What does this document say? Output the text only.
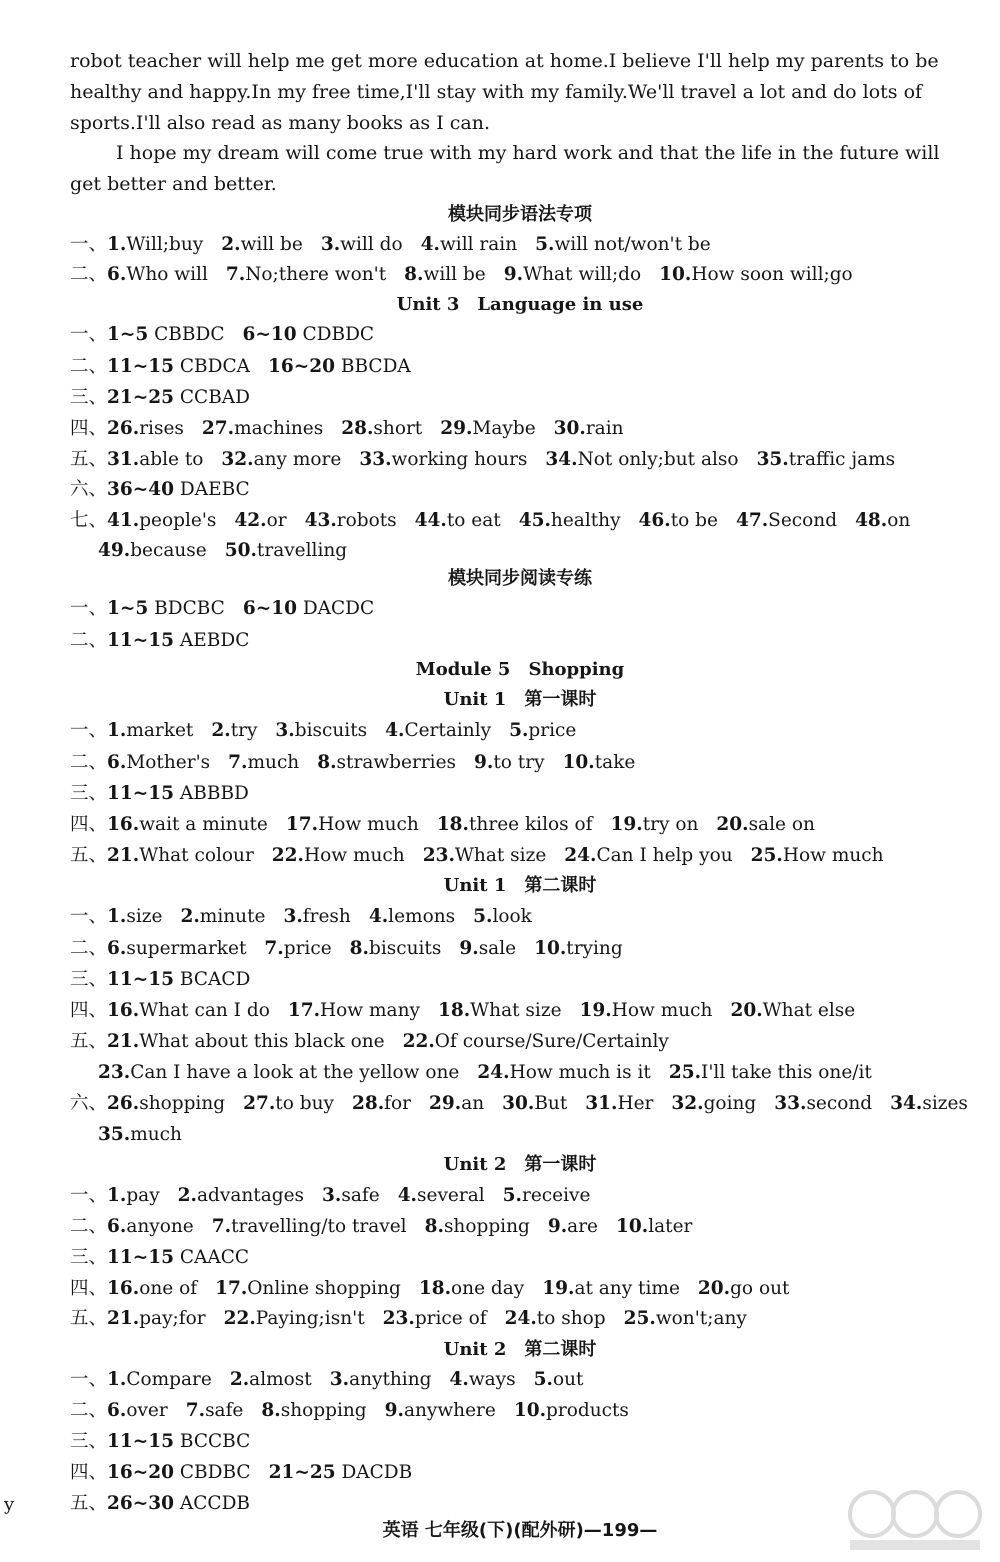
robot teacher will help me get more education at home.I believe I'll help my parents to be healthy and happy.In my free time,I'll stay with my family.We'll travel a lot and do lots of sports.I'll also read as many books as I can.

I hope my dream will come true with my hard work and that the life in the future will get better and better.

模块同步语法专项
一、1.Will;buy 2.will be 3.will do 4.will rain 5.will not/won't be
二、6.Who will 7.No;there won't 8.will be 9.What will;do 10.How soon will;go
Unit 3　Language in use
一、1~5 CBBDC 6~10 CDBDC
二、11~15 CBDCA 16~20 BBCDA
三、21~25 CCBAD
四、26.rises 27.machines 28.short 29.Maybe 30.rain
五、31.able to 32.any more 33.working hours 34.Not only;but also 35.traffic jams
六、36~40 DAEBC
七、41.people's 42.or 43.robots 44.to eat 45.healthy 46.to be 47.Second 48.on
49.because 50.travelling
模块同步阅读专练
一、1~5 BDCBC 6~10 DACDC
二、11~15 AEBDC
Module 5　Shopping
Unit 1　第一课时
一、1.market 2.try 3.biscuits 4.Certainly 5.price
二、6.Mother's 7.much 8.strawberries 9.to try 10.take
三、11~15 ABBBD
四、16.wait a minute 17.How much 18.three kilos of 19.try on 20.sale on
五、21.What colour 22.How much 23.What size 24.Can I help you 25.How much
Unit 1　第二课时
一、1.size 2.minute 3.fresh 4.lemons 5.look
二、6.supermarket 7.price 8.biscuits 9.sale 10.trying
三、11~15 BCACD
四、16.What can I do 17.How many 18.What size 19.How much 20.What else
五、21.What about this black one 22.Of course/Sure/Certainly
23.Can I have a look at the yellow one 24.How much is it 25.I'll take this one/it
六、26.shopping 27.to buy 28.for 29.an 30.But 31.Her 32.going 33.second 34.sizes
35.much
Unit 2　第一课时
一、1.pay 2.advantages 3.safe 4.several 5.receive
二、6.anyone 7.travelling/to travel 8.shopping 9.are 10.later
三、11~15 CAACC
四、16.one of 17.Online shopping 18.one day 19.at any time 20.go out
五、21.pay;for 22.Paying;isn't 23.price of 24.to shop 25.won't;any
Unit 2　第二课时
一、1.Compare 2.almost 3.anything 4.ways 5.out
二、6.over 7.safe 8.shopping 9.anywhere 10.products
三、11~15 BCCBC
四、16~20 CBDBC 21~25 DACDB
五、26~30 ACCDB
y
英语 七年级(下)(配外研)—199—
